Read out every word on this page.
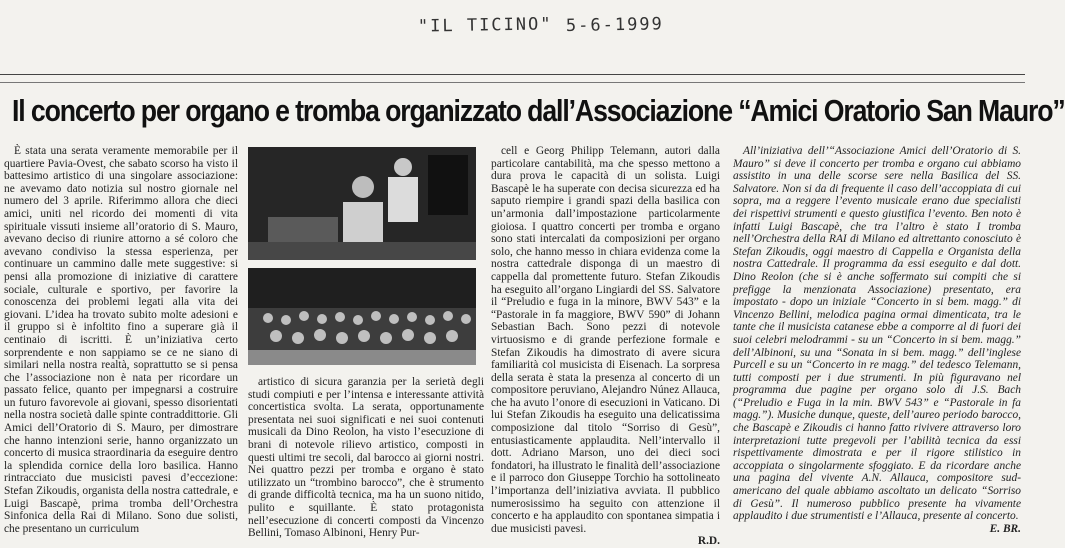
"IL TICINO" 5-6-1999
Il concerto per organo e tromba organizzato dall’Associazione “Amici Oratorio San Mauro”

È stata una serata veramente memorabile per il quartiere Pavia-Ovest, che sabato scorso ha visto il battesimo artistico di una singolare associazione: ne avevamo dato notizia sul nostro giornale nel numero del 3 aprile. Riferimmo allora che dieci amici, uniti nel ricordo dei momenti di vita spirituale vissuti insieme all’oratorio di S. Mauro, avevano deciso di riunire attorno a sé coloro che avevano condiviso la stessa esperienza, per continuare un cammino dalle mete suggestive: si pensi alla promozione di iniziative di carattere sociale, culturale e sportivo, per favorire la conoscenza dei problemi legati alla vita dei giovani. L’idea ha trovato subito molte adesioni e il gruppo si è infoltito fino a superare già il centinaio di iscritti. È un’iniziativa certo sorprendente e non sappiamo se ce ne siano di similari nella nostra realtà, soprattutto se si pensa che l’associazione non è nata per ricordare un passato felice, quanto per impegnarsi a costruire un futuro favorevole ai giovani, spesso disorientati nella nostra società dalle spinte contraddittorie. Gli Amici dell’Oratorio di S. Mauro, per dimostrare che hanno intenzioni serie, hanno organizzato un concerto di musica straordinaria da eseguire dentro la splendida cornice della loro basilica. Hanno rintracciato due musicisti pavesi d’eccezione: Stefan Zikoudis, organista della nostra cattedrale, e Luigi Bascapè, prima tromba dell’Orchestra Sinfonica della Rai di Milano. Sono due solisti, che presentano un curriculum

artistico di sicura garanzia per la serietà degli studi compiuti e per l’intensa e interessante attività concertistica svolta. La serata, opportunamente presentata nei suoi significati e nei suoi contenuti musicali da Dino Reolon, ha visto l’esecuzione di brani di notevole rilievo artistico, composti in questi ultimi tre secoli, dal barocco ai giorni nostri. Nei quattro pezzi per tromba e organo è stato utilizzato un “trombino barocco”, che è strumento di grande difficoltà tecnica, ma ha un suono nitido, pulito e squillante. È stato protagonista nell’esecuzione di concerti composti da Vincenzo Bellini, Tomaso Albinoni, Henry Pur-

cell e Georg Philipp Telemann, autori dalla particolare cantabilità, ma che spesso mettono a dura prova le capacità di un solista. Luigi Bascapè le ha superate con decisa sicurezza ed ha saputo riempire i grandi spazi della basilica con un’armonia dall’impostazione particolarmente gioiosa. I quattro concerti per tromba e organo sono stati intercalati da composizioni per organo solo, che hanno messo in chiara evidenza come la nostra cattedrale disponga di un maestro di cappella dal promettente futuro. Stefan Zikoudis ha eseguito all’organo Lingiardi del SS. Salvatore il “Preludio e fuga in la minore, BWV 543” e la “Pastorale in fa maggiore, BWV 590” di Johann Sebastian Bach. Sono pezzi di notevole virtuosismo e di grande perfezione formale e Stefan Zikoudis ha dimostrato di avere sicura familiarità col musicista di Eisenach. La sorpresa della serata è stata la presenza al concerto di un compositore peruviano, Alejandro Núnez Allauca, che ha avuto l’onore di esecuzioni in Vaticano. Di lui Stefan Zikoudis ha eseguito una delicatissima composizione dal titolo “Sorriso di Gesù”, entusiasticamente applaudita. Nell’intervallo il dott. Adriano Marson, uno dei dieci soci fondatori, ha illustrato le finalità dell’associazione e il parroco don Giuseppe Torchio ha sottolineato l’importanza dell’iniziativa avviata. Il pubblico numerosissimo ha seguito con attenzione il concerto e ha applaudito con spontanea simpatia i due musicisti pavesi.

R.D.

All’iniziativa dell’“Associazione Amici dell’Oratorio di S. Mauro” si deve il concerto per tromba e organo cui abbiamo assistito in una delle scorse sere nella Basilica del SS. Salvatore. Non si da di frequente il caso dell’accoppiata di cui sopra, ma a reggere l’evento musicale erano due specialisti dei rispettivi strumenti e questo giustifica l’evento. Ben noto è infatti Luigi Bascapè, che tra l’altro è stato I tromba nell’Orchestra della RAI di Milano ed altrettanto conosciuto è Stefan Zikoudis, oggi maestro di Cappella e Organista della nostra Cattedrale. Il programma da essi eseguito e dal dott. Dino Reolon (che si è anche soffermato sui compiti che si prefigge la menzionata Associazione) presentato, era impostato - dopo un iniziale “Concerto in si bem. magg.” di Vincenzo Bellini, melodica pagina ormai dimenticata, tra le tante che il musicista catanese ebbe a comporre al di fuori dei suoi celebri melodrammi - su un “Concerto in si bem. magg.” dell’Albinoni, su una “Sonata in si bem. magg.” dell’inglese Purcell e su un “Concerto in re magg.” del tedesco Telemann, tutti composti per i due strumenti. In più figuravano nel programma due pagine per organo solo di J.S. Bach (“Preludio e Fuga in la min. BWV 543” e “Pastorale in fa magg.”). Musiche dunque, queste, dell’aureo periodo barocco, che Bascapè e Zikoudis ci hanno fatto rivivere attraverso loro interpretazioni tutte pregevoli per l’abilità tecnica da essi rispettivamente dimostrata e per il rigore stilistico in accoppiata o singolarmente sfoggiato. E da ricordare anche una pagina del vivente A.N. Allauca, compositore sud-americano del quale abbiamo ascoltato un delicato “Sorriso di Gesù”. Il numeroso pubblico presente ha vivamente applaudito i due strumentisti e l’Allauca, presente al concerto.

E. BR.
